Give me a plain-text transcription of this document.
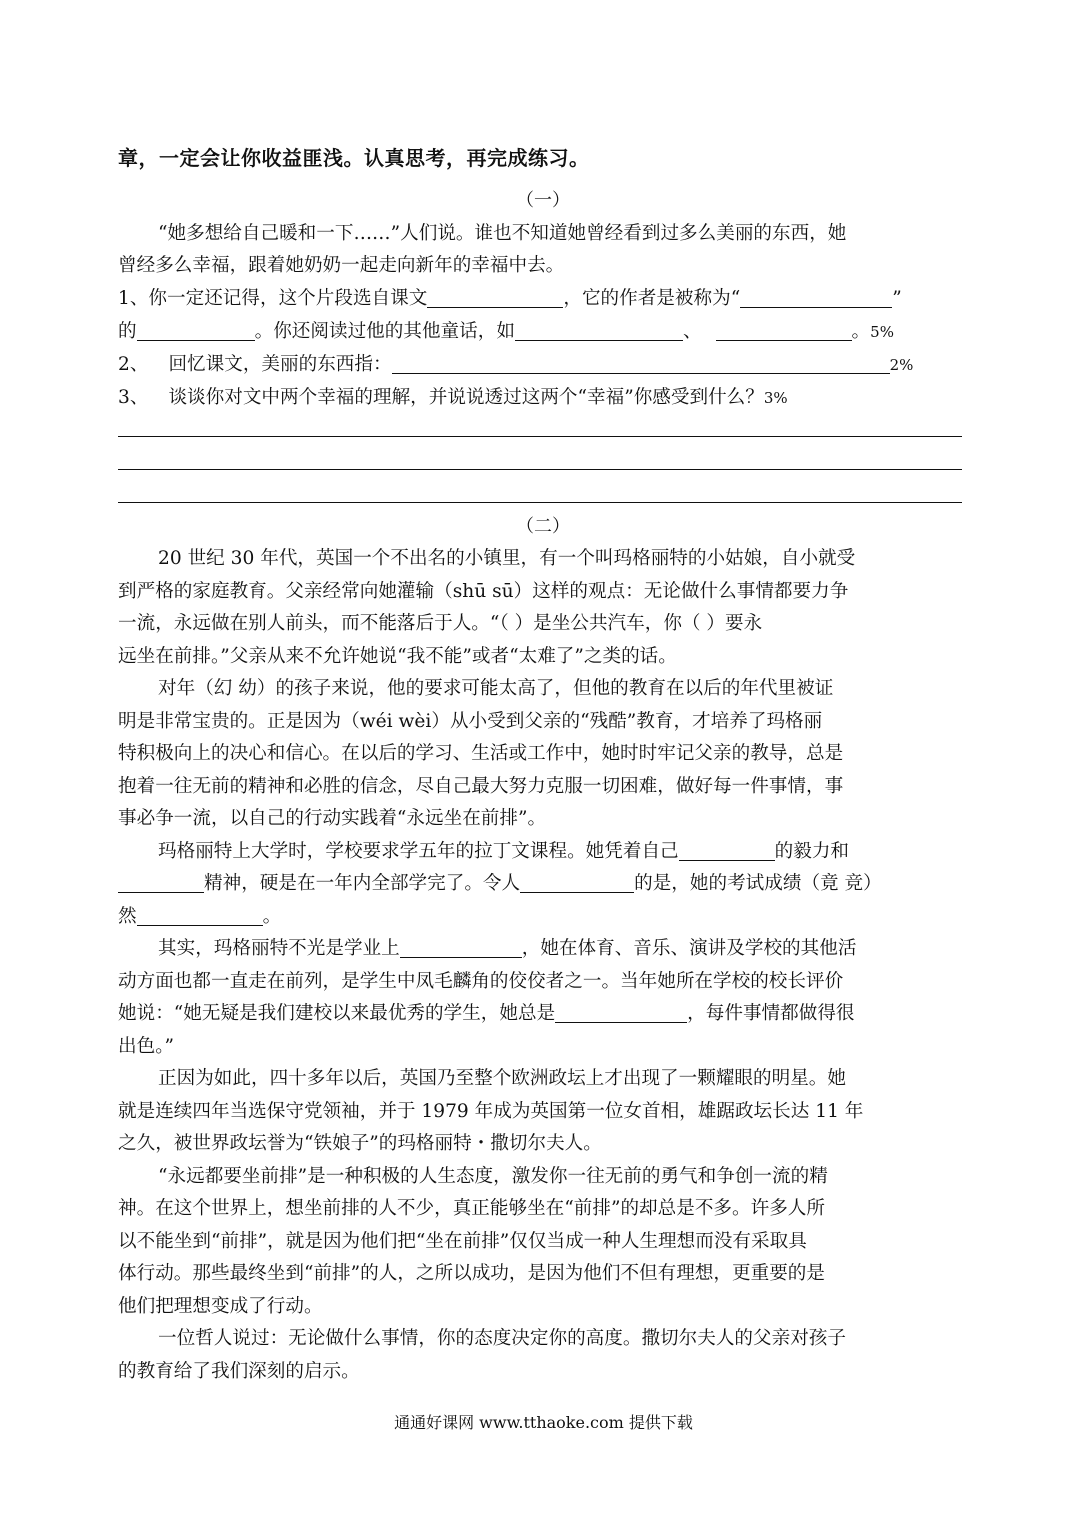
章，一定会让你收益匪浅。认真思考，再完成练习。
（一）
“她多想给自己暖和一下……”人们说。谁也不知道她曾经看到过多么美丽的东西，她
曾经多么幸福，跟着她奶奶一起走向新年的幸福中去。
1、你一定还记得，这个片段选自课文	，它的作者是被称为“	”
的	。你还阅读过他的其他童话，如	、	。5%
2、 回忆课文，美丽的东西指：	2%
3、 谈谈你对文中两个幸福的理解，并说说透过这两个“幸福”你感受到什么？3%
（二）
20 世纪 30 年代，英国一个不出名的小镇里，有一个叫玛格丽特的小姑娘，自小就受
到严格的家庭教育。父亲经常向她灌输（shū sū）这样的观点：无论做什么事情都要力争
一流，永远做在别人前头，而不能落后于人。“（ ）是坐公共汽车，你（ ）要永
远坐在前排。”父亲从来不允许她说“我不能”或者“太难了”之类的话。
对年（幻 幼）的孩子来说，他的要求可能太高了，但他的教育在以后的年代里被证
明是非常宝贵的。正是因为（wéi wèi）从小受到父亲的“残酷”教育，才培养了玛格丽
特积极向上的决心和信心。在以后的学习、生活或工作中，她时时牢记父亲的教导，总是
抱着一往无前的精神和必胜的信念，尽自己最大努力克服一切困难，做好每一件事情，事
事必争一流，以自己的行动实践着“永远坐在前排”。
玛格丽特上大学时，学校要求学五年的拉丁文课程。她凭着自己	的毅力和
精神，硬是在一年内全部学完了。令人	的是，她的考试成绩（竟 竞）
然	。
其实，玛格丽特不光是学业上	，她在体育、音乐、演讲及学校的其他活
动方面也都一直走在前列，是学生中凤毛麟角的佼佼者之一。当年她所在学校的校长评价
她说：“她无疑是我们建校以来最优秀的学生，她总是	，每件事情都做得很
出色。”
正因为如此，四十多年以后，英国乃至整个欧洲政坛上才出现了一颗耀眼的明星。她
就是连续四年当选保守党领袖，并于 1979 年成为英国第一位女首相，雄踞政坛长达 11 年
之久，被世界政坛誉为“铁娘子”的玛格丽特・撒切尔夫人。
“永远都要坐前排”是一种积极的人生态度，激发你一往无前的勇气和争创一流的精
神。在这个世界上，想坐前排的人不少，真正能够坐在“前排”的却总是不多。许多人所
以不能坐到“前排”，就是因为他们把“坐在前排”仅仅当成一种人生理想而没有采取具
体行动。那些最终坐到“前排”的人，之所以成功，是因为他们不但有理想，更重要的是
他们把理想变成了行动。
一位哲人说过：无论做什么事情，你的态度决定你的高度。撒切尔夫人的父亲对孩子
的教育给了我们深刻的启示。
通通好课网 www.tthaoke.com 提供下载
